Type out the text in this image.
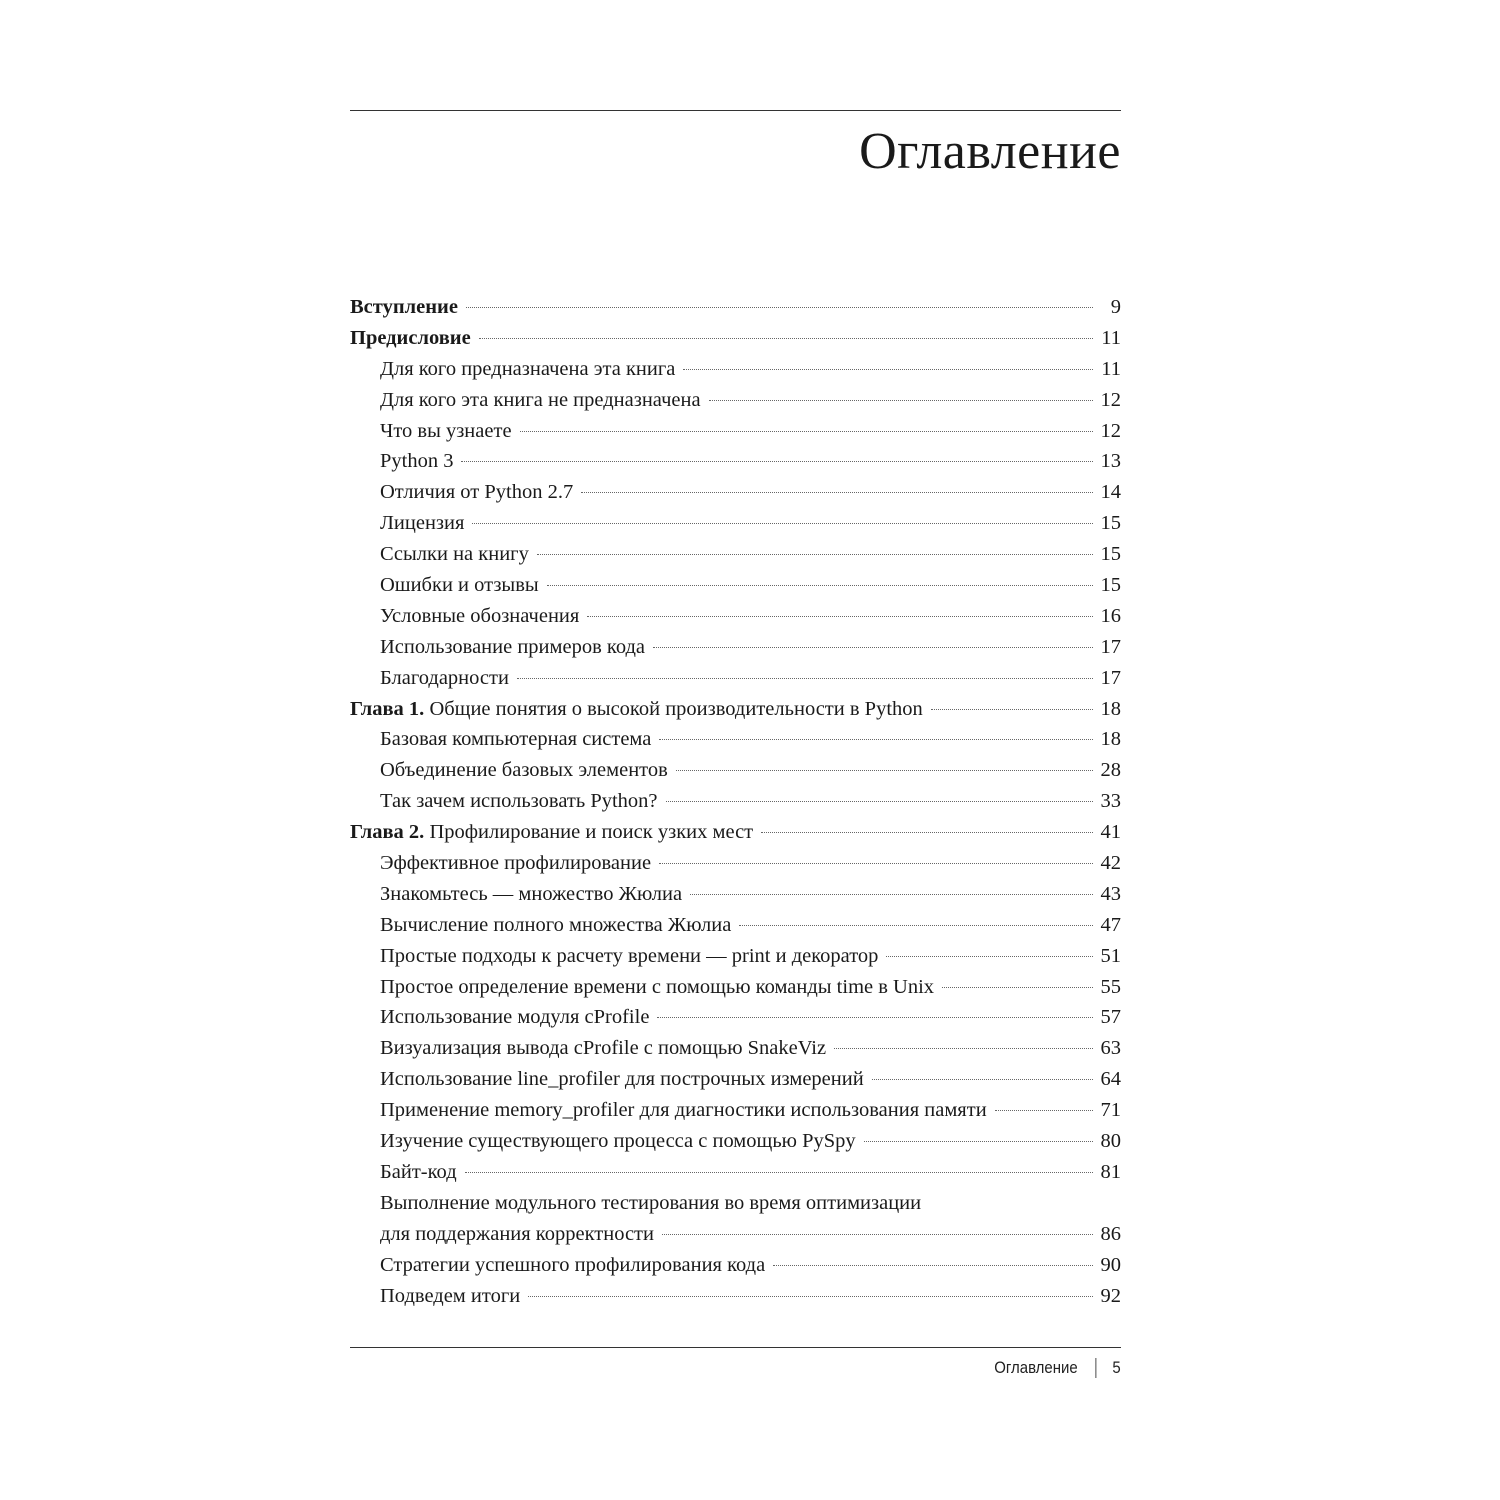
Оглавление
Вступление	9
Предисловие	11
Для кого предназначена эта книга	11
Для кого эта книга не предназначена	12
Что вы узнаете	12
Python 3	13
Отличия от Python 2.7	14
Лицензия	15
Ссылки на книгу	15
Ошибки и отзывы	15
Условные обозначения	16
Использование примеров кода	17
Благодарности	17
Глава 1. Общие понятия о высокой производительности в Python	18
Базовая компьютерная система	18
Объединение базовых элементов	28
Так зачем использовать Python?	33
Глава 2. Профилирование и поиск узких мест	41
Эффективное профилирование	42
Знакомьтесь — множество Жюлиа	43
Вычисление полного множества Жюлиа	47
Простые подходы к расчету времени — print и декоратор	51
Простое определение времени с помощью команды time в Unix	55
Использование модуля cProfile	57
Визуализация вывода cProfile с помощью SnakeViz	63
Использование line_profiler для построчных измерений	64
Применение memory_profiler для диагностики использования памяти	71
Изучение существующего процесса с помощью PySpy	80
Байт-код	81
Выполнение модульного тестирования во время оптимизации
для поддержания корректности	86
Стратегии успешного профилирования кода	90
Подведем итоги	92
Оглавление 5
